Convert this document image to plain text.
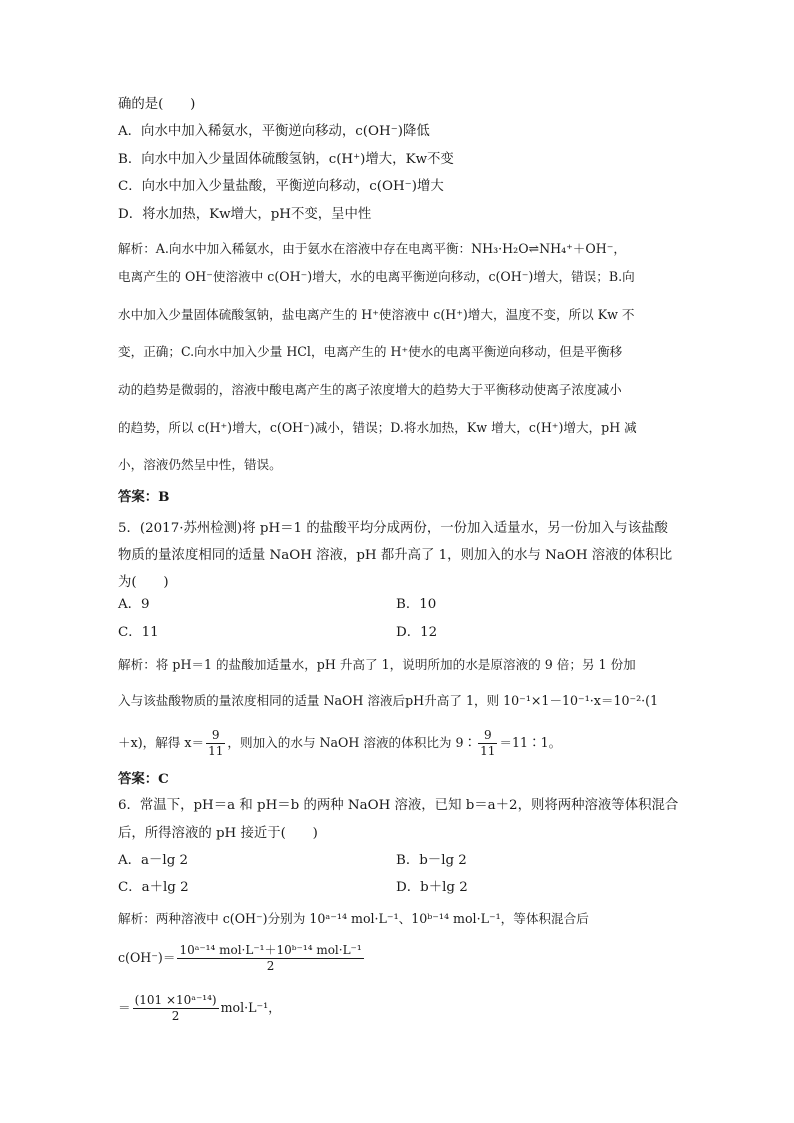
确的是(　　)
A．向水中加入稀氨水，平衡逆向移动，c(OH⁻)降低
B．向水中加入少量固体硫酸氢钠，c(H⁺)增大，Kw不变
C．向水中加入少量盐酸，平衡逆向移动，c(OH⁻)增大
D．将水加热，Kw增大，pH不变，呈中性
解析：A.向水中加入稀氨水，由于氨水在溶液中存在电离平衡：NH₃·H₂O⇌NH₄⁺＋OH⁻，
电离产生的 OH⁻使溶液中 c(OH⁻)增大，水的电离平衡逆向移动，c(OH⁻)增大，错误；B.向
水中加入少量固体硫酸氢钠，盐电离产生的 H⁺使溶液中 c(H⁺)增大，温度不变，所以 Kw 不
变，正确；C.向水中加入少量 HCl，电离产生的 H⁺使水的电离平衡逆向移动，但是平衡移
动的趋势是微弱的，溶液中酸电离产生的离子浓度增大的趋势大于平衡移动使离子浓度减小
的趋势，所以 c(H⁺)增大，c(OH⁻)减小，错误；D.将水加热，Kw 增大，c(H⁺)增大，pH 减
小，溶液仍然呈中性，错误。
答案：B
5．(2017·苏州检测)将 pH＝1 的盐酸平均分成两份，一份加入适量水，另一份加入与该盐酸
物质的量浓度相同的适量 NaOH 溶液，pH 都升高了 1，则加入的水与 NaOH 溶液的体积比
为(　　)
A．9	B．10
C．11	D．12
解析：将 pH＝1 的盐酸加适量水，pH 升高了 1，说明所加的水是原溶液的 9 倍；另 1 份加
入与该盐酸物质的量浓度相同的适量 NaOH 溶液后pH升高了 1，则 10⁻¹×1－10⁻¹·x＝10⁻²·(1
＋x)，解得 $x= \frac{9}{11}$ ，则加入的水与 NaOH 溶液的体积比为 9∶ $\frac{9}{11}$ ＝11∶1。
答案：C
6．常温下，pH＝a 和 pH＝b 的两种 NaOH 溶液，已知 b＝a＋2，则将两种溶液等体积混合
后，所得溶液的 pH 接近于(　　)
A．a－lg 2	B．b－lg 2
C．a＋lg 2	D．b＋lg 2
解析：两种溶液中 c(OH⁻)分别为 10ᵃ⁻¹⁴ mol·L⁻¹、10ᵇ⁻¹⁴ mol·L⁻¹，等体积混合后
$c(OH^-)= \frac{\text{10ᵃ⁻¹⁴ mol·L⁻¹＋10ᵇ⁻¹⁴ mol·L⁻¹}}{2}$
＝ $\frac{\text{(101 ×10ᵃ⁻¹⁴)}}{2} mol\cdot L^{-1}$，
